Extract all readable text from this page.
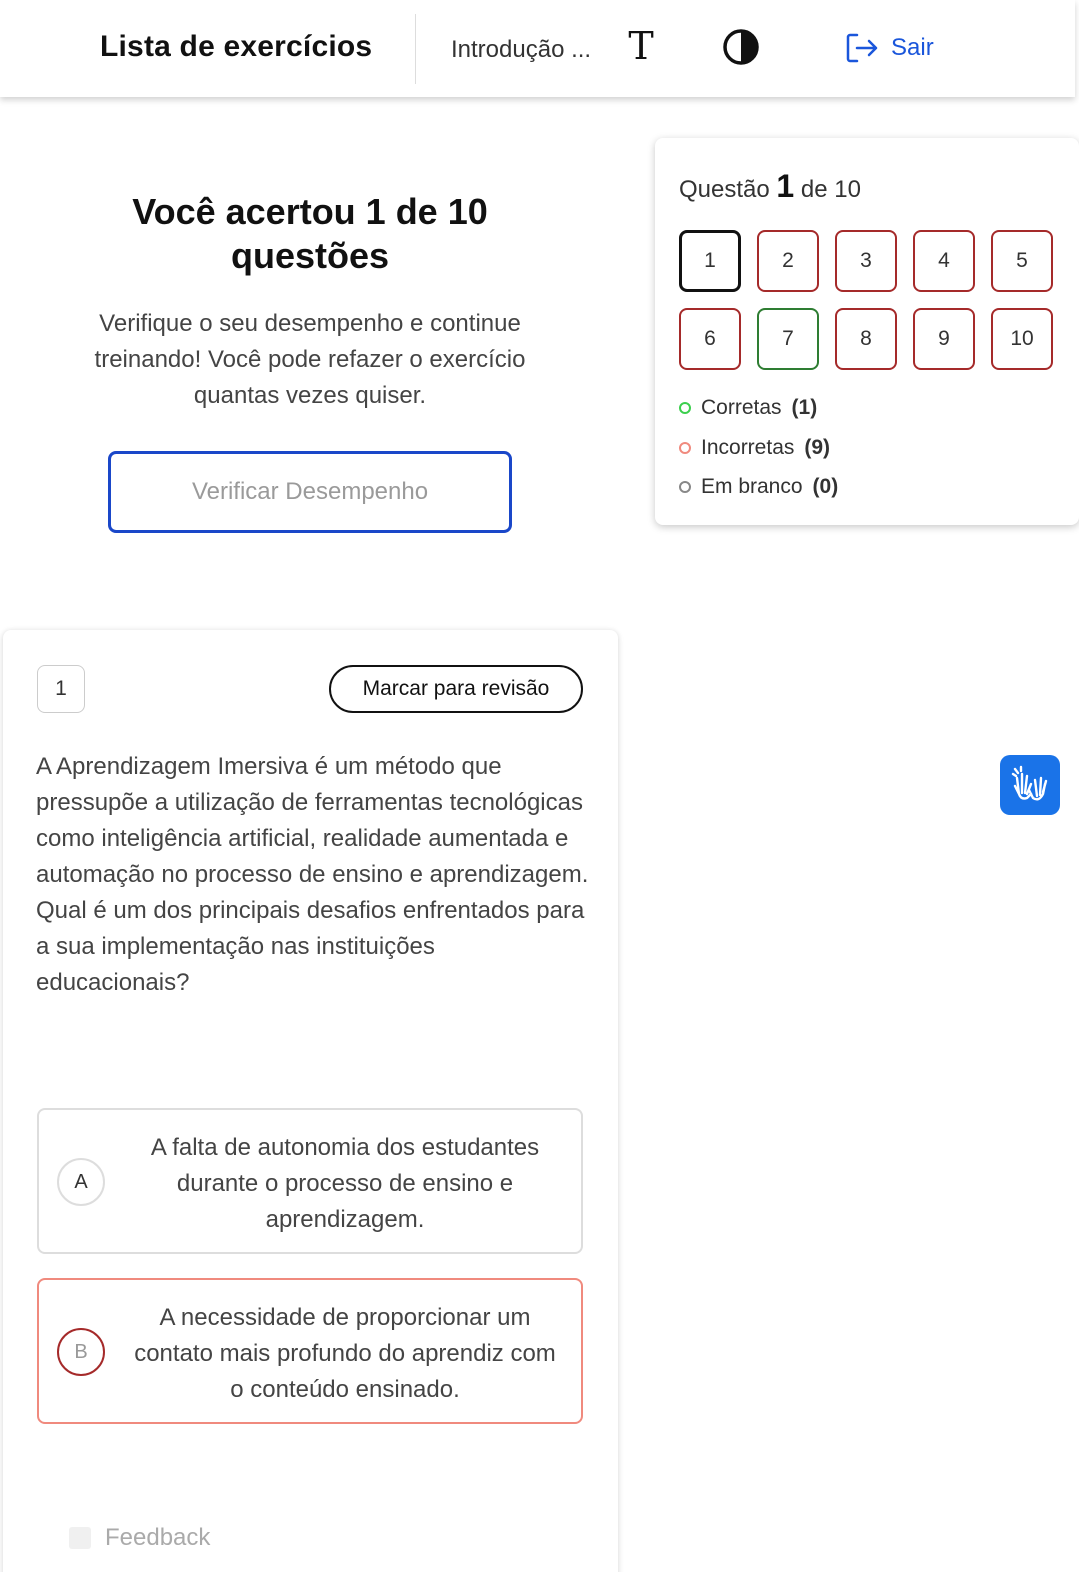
Lista de exercícios	Introdução ... T	Sair
Você acertou 1 de 10 questões
Verifique o seu desempenho e continue treinando! Você pode refazer o exercício quantas vezes quiser.
Verificar Desempenho
Questão 1 de 10
1	2	3	4	5
6	7	8	9	10
Corretas (1)
Incorretas (9)
Em branco (0)
1	Marcar para revisão

A Aprendizagem Imersiva é um método que pressupõe a utilização de ferramentas tecnológicas como inteligência artificial, realidade aumentada e automação no processo de ensino e aprendizagem.

Qual é um dos principais desafios enfrentados para a sua implementação nas instituições educacionais?

A
A falta de autonomia dos estudantes durante o processo de ensino e aprendizagem.
B
A necessidade de proporcionar um contato mais profundo do aprendiz com o conteúdo ensinado.
Feedback
